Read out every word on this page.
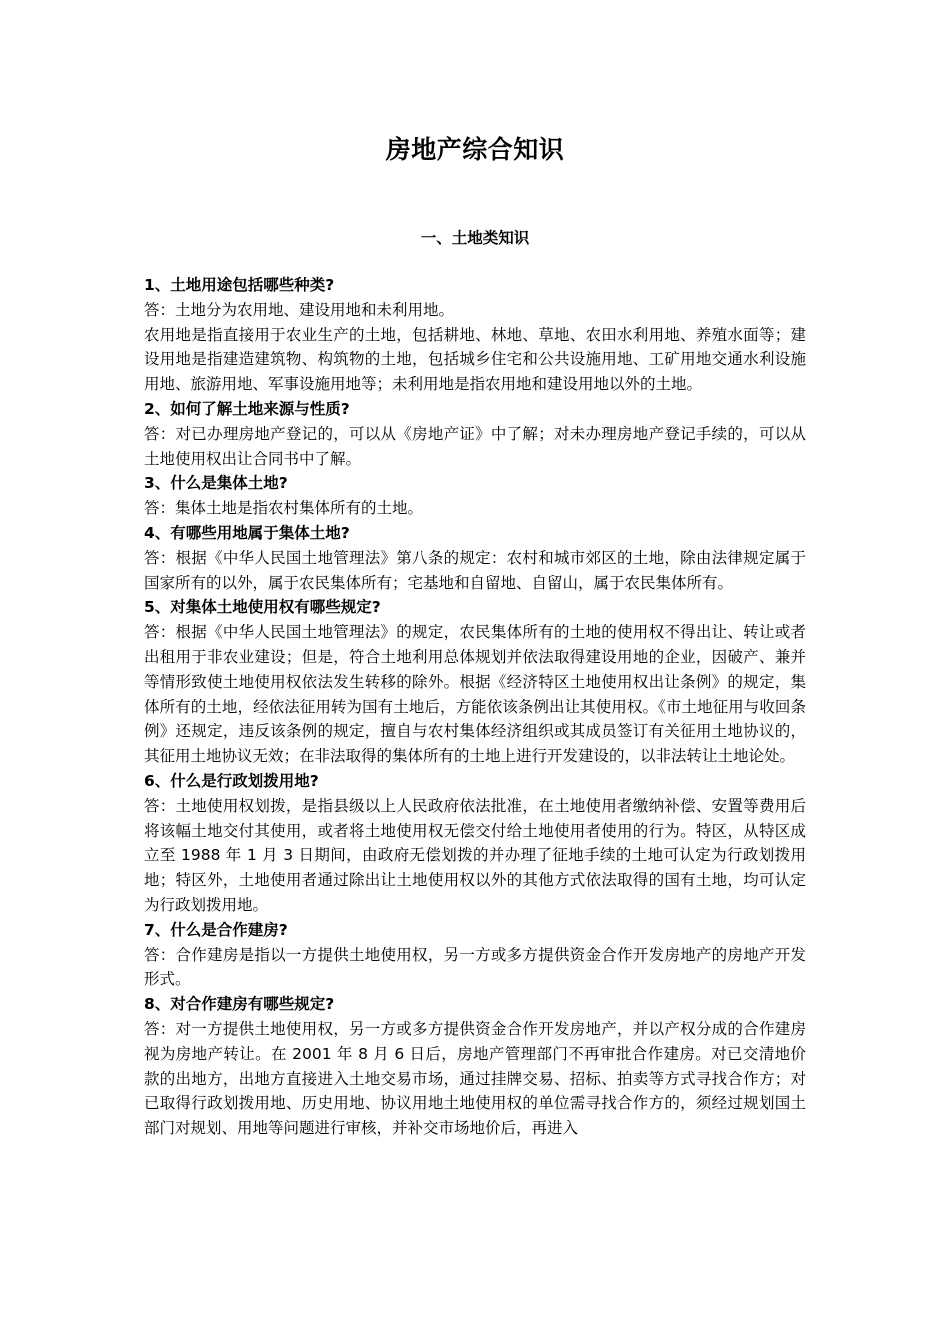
房地产综合知识
一、土地类知识

1、土地用途包括哪些种类?

答：土地分为农用地、建设用地和未利用地。

农用地是指直接用于农业生产的土地，包括耕地、林地、草地、农田水利用地、养殖水面等；建设用地是指建造建筑物、构筑物的土地，包括城乡住宅和公共设施用地、工矿用地交通水利设施用地、旅游用地、军事设施用地等；未利用地是指农用地和建设用地以外的土地。

2、如何了解土地来源与性质?

答：对已办理房地产登记的，可以从《房地产证》中了解；对未办理房地产登记手续的，可以从土地使用权出让合同书中了解。

3、什么是集体土地?

答：集体土地是指农村集体所有的土地。

4、有哪些用地属于集体土地?

答：根据《中华人民国土地管理法》第八条的规定：农村和城市郊区的土地，除由法律规定属于国家所有的以外，属于农民集体所有；宅基地和自留地、自留山，属于农民集体所有。

5、对集体土地使用权有哪些规定?

答：根据《中华人民国土地管理法》的规定，农民集体所有的土地的使用权不得出让、转让或者出租用于非农业建设；但是，符合土地利用总体规划并依法取得建设用地的企业，因破产、兼并等情形致使土地使用权依法发生转移的除外。根据《经济特区土地使用权出让条例》的规定，集体所有的土地，经依法征用转为国有土地后，方能依该条例出让其使用权。《市土地征用与收回条例》还规定，违反该条例的规定，擅自与农村集体经济组织或其成员签订有关征用土地协议的，其征用土地协议无效；在非法取得的集体所有的土地上进行开发建设的，以非法转让土地论处。

6、什么是行政划拨用地?

答：土地使用权划拨，是指县级以上人民政府依法批准，在土地使用者缴纳补偿、安置等费用后将该幅土地交付其使用，或者将土地使用权无偿交付给土地使用者使用的行为。特区，从特区成立至 1988 年 1 月 3 日期间，由政府无偿划拨的并办理了征地手续的土地可认定为行政划拨用地；特区外，土地使用者通过除出让土地使用权以外的其他方式依法取得的国有土地，均可认定为行政划拨用地。

7、什么是合作建房?

答：合作建房是指以一方提供土地使用权，另一方或多方提供资金合作开发房地产的房地产开发形式。

8、对合作建房有哪些规定?

答：对一方提供土地使用权，另一方或多方提供资金合作开发房地产，并以产权分成的合作建房视为房地产转让。在 2001 年 8 月 6 日后，房地产管理部门不再审批合作建房。对已交清地价款的出地方，出地方直接进入土地交易市场，通过挂牌交易、招标、拍卖等方式寻找合作方；对已取得行政划拨用地、历史用地、协议用地土地使用权的单位需寻找合作方的，须经过规划国土部门对规划、用地等问题进行审核，并补交市场地价后，再进入
